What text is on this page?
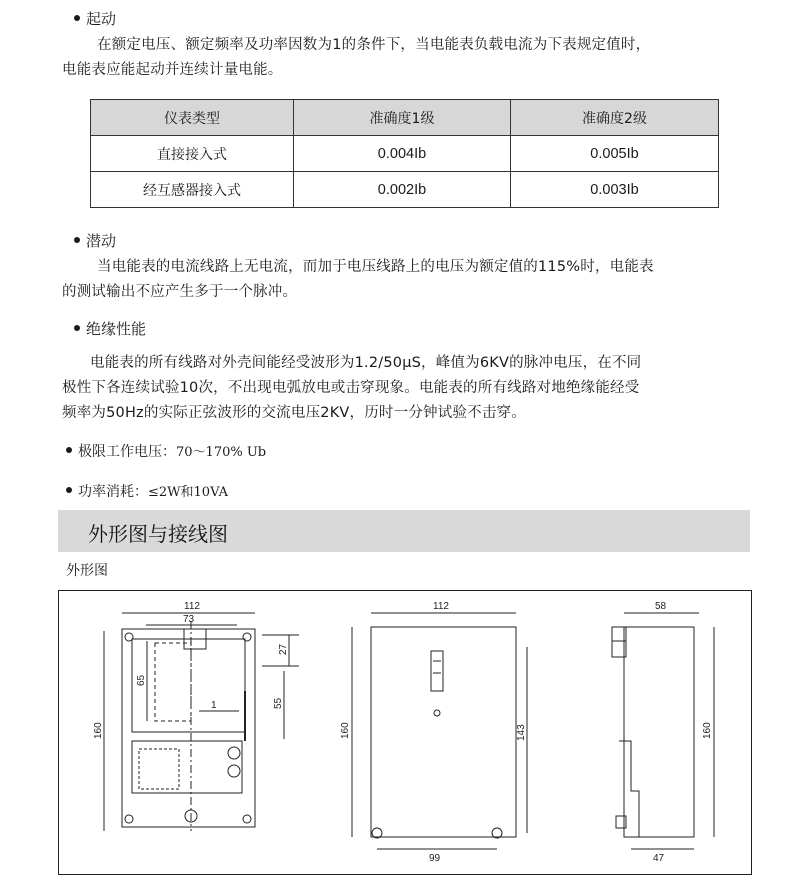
起动
在额定电压、额定频率及功率因数为1的条件下，当电能表负载电流为下表规定值时，
电能表应能起动并连续计量电能。
仪表类型	准确度1级	准确度2级
直接接入式	0.004Ib	0.005Ib
经互感器接入式	0.002Ib	0.003Ib
潜动
当电能表的电流线路上无电流，而加于电压线路上的电压为额定值的115%时，电能表
的测试输出不应产生多于一个脉冲。
绝缘性能
电能表的所有线路对外壳间能经受波形为1.2/50μS，峰值为6KV的脉冲电压，在不同
极性下各连续试验10次，不出现电弧放电或击穿现象。电能表的所有线路对地绝缘能经受
频率为50Hz的实际正弦波形的交流电压2KV，历时一分钟试验不击穿。
极限工作电压：70～170% Ub
功率消耗：≤2W和10VA
外形图与接线图
外形图
112
73
160
65
27
55
1
112
160	143
99
58
160
47
